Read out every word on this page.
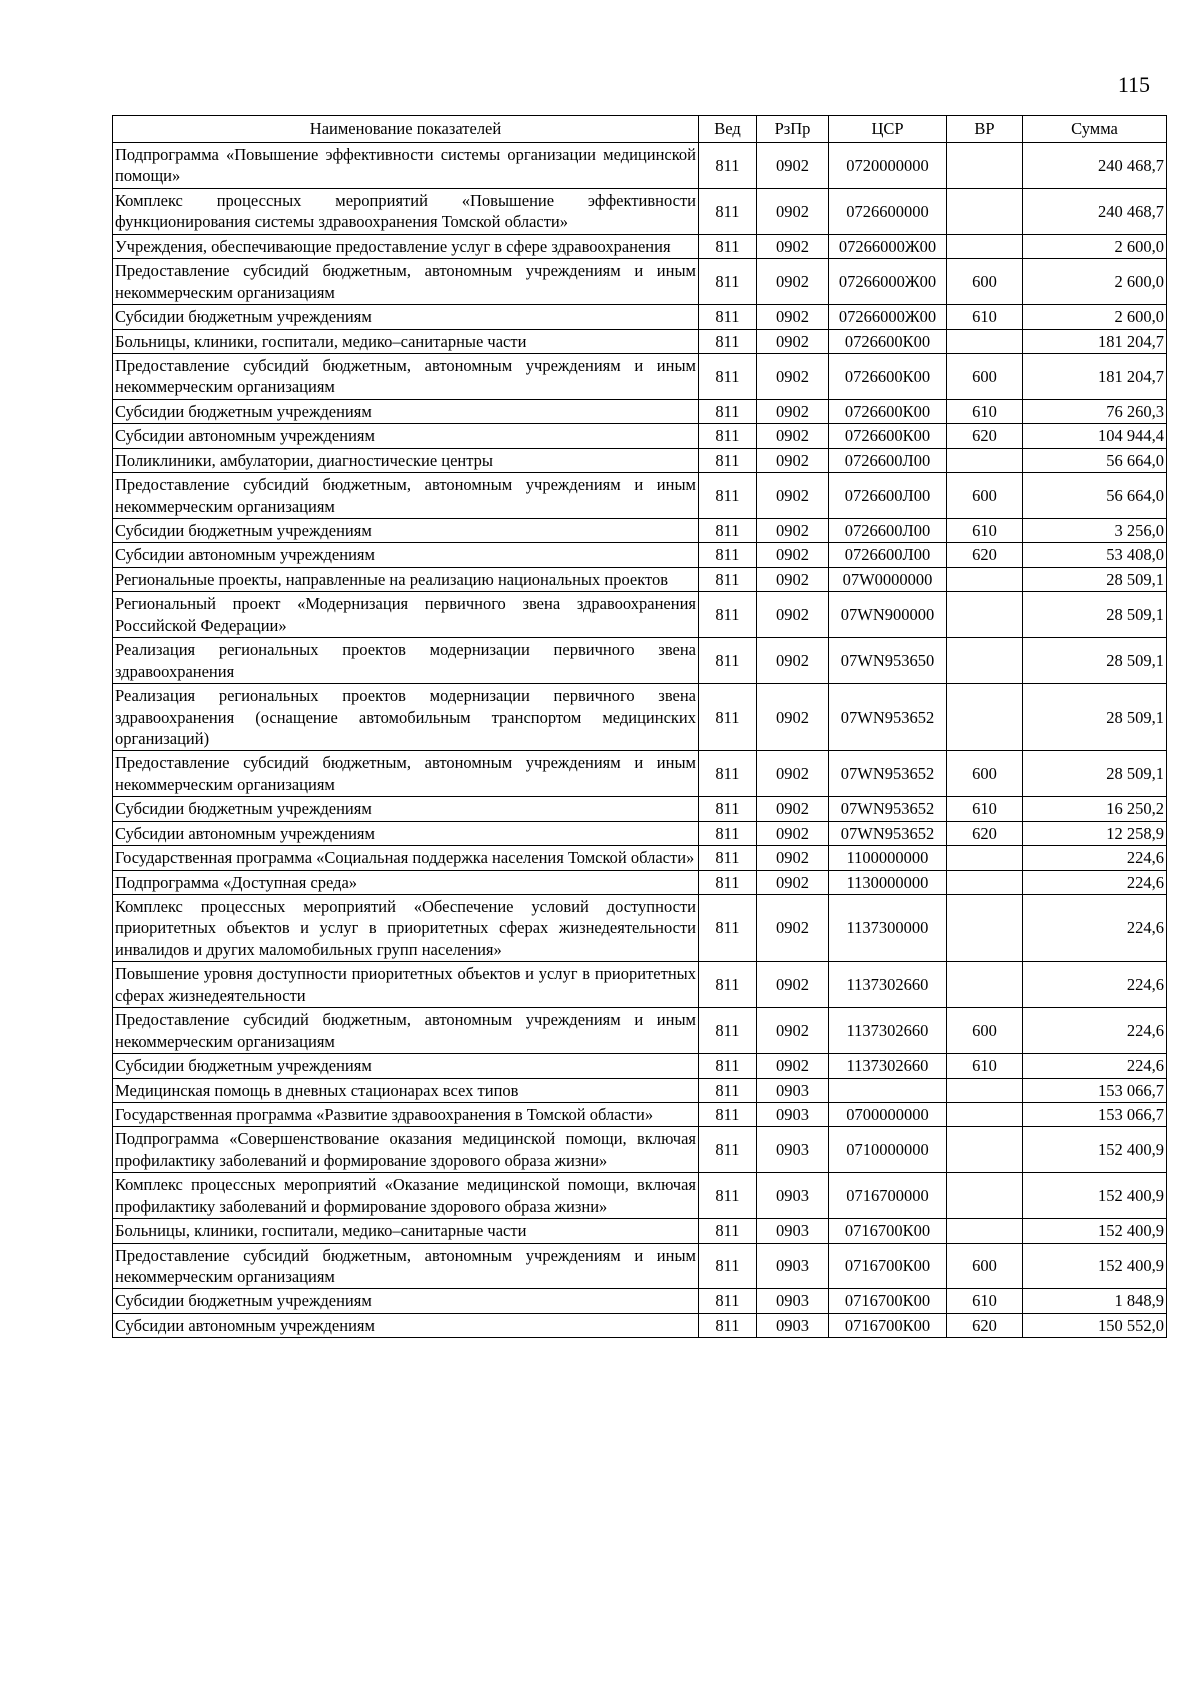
115
Наименование показателей	Вед	РзПр	ЦСР	ВР	Сумма
Подпрограмма «Повышение эффективности системы организации медицинской помощи»	811	0902	0720000000		240 468,7
Комплекс процессных мероприятий «Повышение эффективности функционирования системы здравоохранения Томской области»	811	0902	0726600000		240 468,7
Учреждения, обеспечивающие предоставление услуг в сфере здравоохранения	811	0902	07266000Ж00		2 600,0
Предоставление субсидий бюджетным, автономным учреждениям и иным некоммерческим организациям	811	0902	07266000Ж00	600	2 600,0
Субсидии бюджетным учреждениям	811	0902	07266000Ж00	610	2 600,0
Больницы, клиники, госпитали, медико–санитарные части	811	0902	0726600К00		181 204,7
Предоставление субсидий бюджетным, автономным учреждениям и иным некоммерческим организациям	811	0902	0726600К00	600	181 204,7
Субсидии бюджетным учреждениям	811	0902	0726600К00	610	76 260,3
Субсидии автономным учреждениям	811	0902	0726600К00	620	104 944,4
Поликлиники, амбулатории, диагностические центры	811	0902	0726600Л00		56 664,0
Предоставление субсидий бюджетным, автономным учреждениям и иным некоммерческим организациям	811	0902	0726600Л00	600	56 664,0
Субсидии бюджетным учреждениям	811	0902	0726600Л00	610	3 256,0
Субсидии автономным учреждениям	811	0902	0726600Л00	620	53 408,0
Региональные проекты, направленные на реализацию национальных проектов	811	0902	07W0000000		28 509,1
Региональный проект «Модернизация первичного звена здравоохранения Российской Федерации»	811	0902	07WN900000		28 509,1
Реализация региональных проектов модернизации первичного звена здравоохранения	811	0902	07WN953650		28 509,1
Реализация региональных проектов модернизации первичного звена здравоохранения (оснащение автомобильным транспортом медицинских организаций)	811	0902	07WN953652		28 509,1
Предоставление субсидий бюджетным, автономным учреждениям и иным некоммерческим организациям	811	0902	07WN953652	600	28 509,1
Субсидии бюджетным учреждениям	811	0902	07WN953652	610	16 250,2
Субсидии автономным учреждениям	811	0902	07WN953652	620	12 258,9
Государственная программа «Социальная поддержка населения Томской области»	811	0902	1100000000		224,6
Подпрограмма «Доступная среда»	811	0902	1130000000		224,6
Комплекс процессных мероприятий «Обеспечение условий доступности приоритетных объектов и услуг в приоритетных сферах жизнедеятельности инвалидов и других маломобильных групп населения»	811	0902	1137300000		224,6
Повышение уровня доступности приоритетных объектов и услуг в приоритетных сферах жизнедеятельности	811	0902	1137302660		224,6
Предоставление субсидий бюджетным, автономным учреждениям и иным некоммерческим организациям	811	0902	1137302660	600	224,6
Субсидии бюджетным учреждениям	811	0902	1137302660	610	224,6
Медицинская помощь в дневных стационарах всех типов	811	0903			153 066,7
Государственная программа «Развитие здравоохранения в Томской области»	811	0903	0700000000		153 066,7
Подпрограмма «Совершенствование оказания медицинской помощи, включая профилактику заболеваний и формирование здорового образа жизни»	811	0903	0710000000		152 400,9
Комплекс процессных мероприятий «Оказание медицинской помощи, включая профилактику заболеваний и формирование здорового образа жизни»	811	0903	0716700000		152 400,9
Больницы, клиники, госпитали, медико–санитарные части	811	0903	0716700К00		152 400,9
Предоставление субсидий бюджетным, автономным учреждениям и иным некоммерческим организациям	811	0903	0716700К00	600	152 400,9
Субсидии бюджетным учреждениям	811	0903	0716700К00	610	1 848,9
Субсидии автономным учреждениям	811	0903	0716700К00	620	150 552,0
